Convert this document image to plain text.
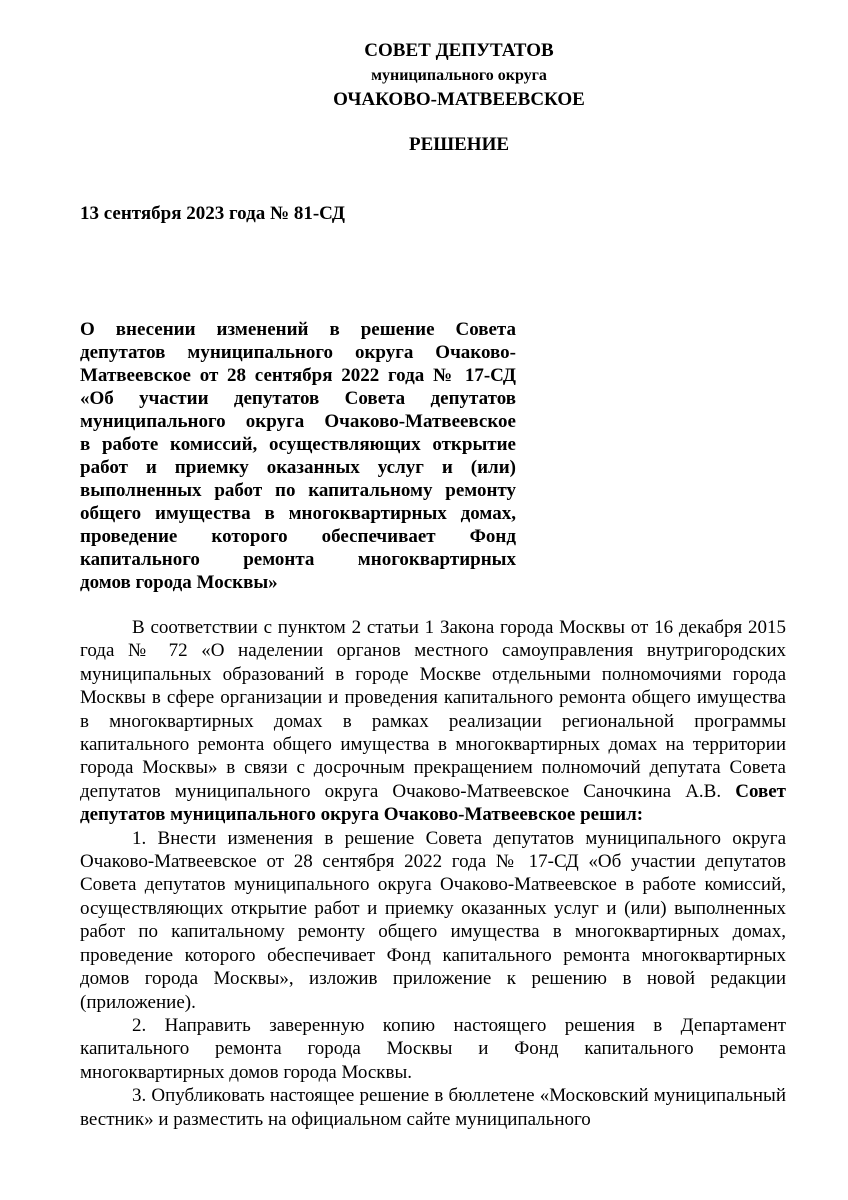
СОВЕТ ДЕПУТАТОВ
муниципального округа
ОЧАКОВО-МАТВЕЕВСКОЕ
РЕШЕНИЕ
13 сентября 2023 года № 81-СД
О внесении изменений в решение Совета
депутатов муниципального округа Очаково-
Матвеевское от 28 сентября 2022 года № 17-СД
«Об участии депутатов Совета депутатов
муниципального округа Очаково-Матвеевское
в работе комиссий, осуществляющих открытие
работ и приемку оказанных услуг и (или)
выполненных работ по капитальному ремонту
общего имущества в многоквартирных домах,
проведение которого обеспечивает Фонд
капитального ремонта многоквартирных
домов города Москвы»

В соответствии с пунктом 2 статьи 1 Закона города Москвы от 16 декабря 2015 года № 72 «О наделении органов местного самоуправления внутригородских муниципальных образований в городе Москве отдельными полномочиями города Москвы в сфере организации и проведения капитального ремонта общего имущества в многоквартирных домах в рамках реализации региональной программы капитального ремонта общего имущества в многоквартирных домах на территории города Москвы» в связи с досрочным прекращением полномочий депутата Совета депутатов муниципального округа Очаково-Матвеевское Саночкина А.В. Совет депутатов муниципального округа Очаково-Матвеевское решил:

1. Внести изменения в решение Совета депутатов муниципального округа Очаково-Матвеевское от 28 сентября 2022 года № 17-СД «Об участии депутатов Совета депутатов муниципального округа Очаково-Матвеевское в работе комиссий, осуществляющих открытие работ и приемку оказанных услуг и (или) выполненных работ по капитальному ремонту общего имущества в многоквартирных домах, проведение которого обеспечивает Фонд капитального ремонта многоквартирных домов города Москвы», изложив приложение к решению в новой редакции (приложение).

2. Направить заверенную копию настоящего решения в Департамент капитального ремонта города Москвы и Фонд капитального ремонта многоквартирных домов города Москвы.

3. Опубликовать настоящее решение в бюллетене «Московский муниципальный вестник» и разместить на официальном сайте муниципального
